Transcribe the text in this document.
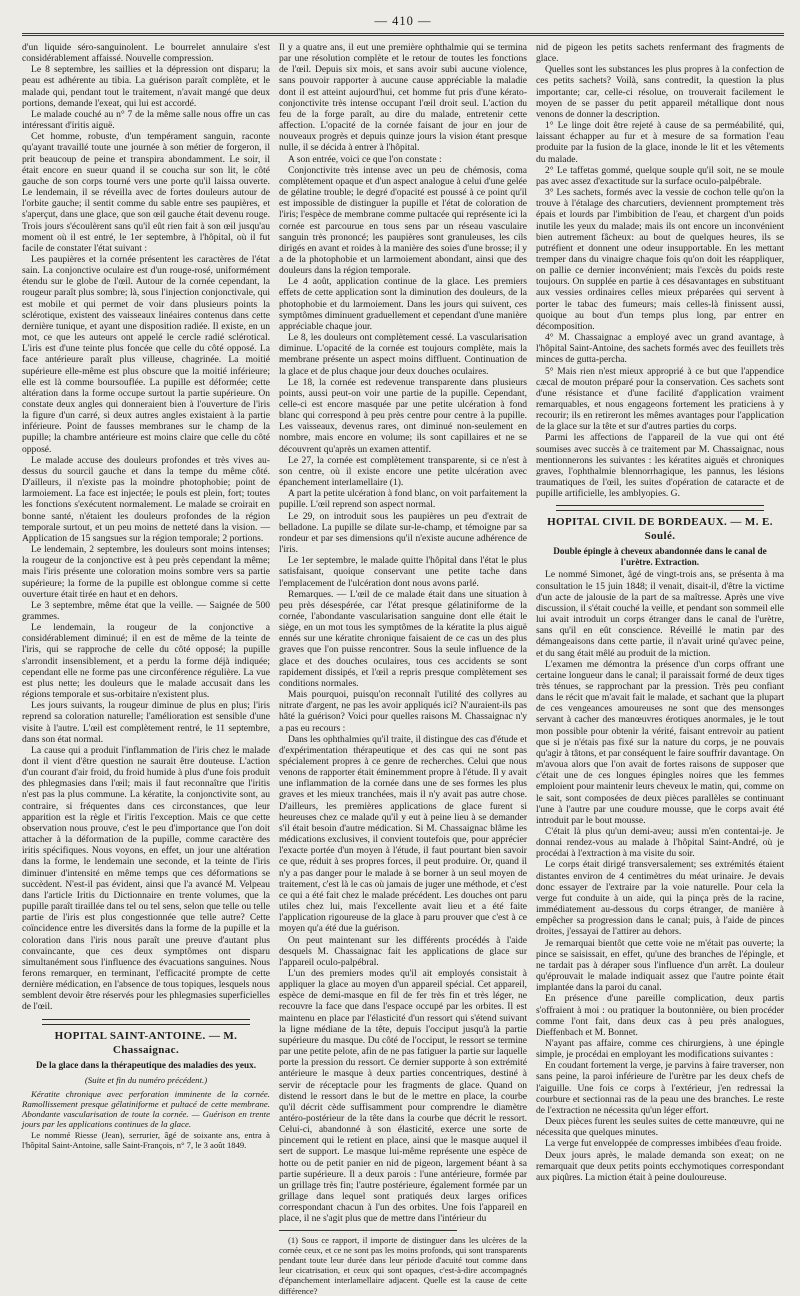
— 410 —

d'un liquide séro-sanguinolent. Le bourrelet annulaire s'est considérablement affaissé. Nouvelle compression.

Le 8 septembre, les saillies et la dépression ont disparu; la peau est adhérente au tibia. La guérison paraît complète, et le malade qui, pendant tout le traitement, n'avait mangé que deux portions, demande l'exeat, qui lui est accordé.

Le malade couché au n° 7 de la même salle nous offre un cas intéressant d'iritis aiguë.

Cet homme, robuste, d'un tempérament sanguin, raconte qu'ayant travaillé toute une journée à son métier de forgeron, il prit beaucoup de peine et transpira abondamment. Le soir, il était encore en sueur quand il se coucha sur son lit, le côté gauche de son corps tourné vers une porte qu'il laissa ouverte. Le lendemain, il se réveilla avec de fortes douleurs autour de l'orbite gauche; il sentit comme du sable entre ses paupières, et s'aperçut, dans une glace, que son œil gauche était devenu rouge. Trois jours s'écoulèrent sans qu'il eût rien fait à son œil jusqu'au moment où il est entré, le 1er septembre, à l'hôpital, où il fut facile de constater l'état suivant :

Les paupières et la cornée présentent les caractères de l'état sain. La conjonctive oculaire est d'un rouge-rosé, uniformément étendu sur le globe de l'œil. Autour de la cornée cependant, la rougeur paraît plus sombre; là, sous l'injection conjonctivale, qui est mobile et qui permet de voir dans plusieurs points la sclérotique, existent des vaisseaux linéaires contenus dans cette dernière tunique, et ayant une disposition radiée. Il existe, en un mot, ce que les auteurs ont appelé le cercle radié sclérotical. L'iris est d'une teinte plus foncée que celle du côté opposé. La face antérieure paraît plus villeuse, chagrinée. La moitié supérieure elle-même est plus obscure que la moitié inférieure; elle est là comme boursouflée. La pupille est déformée; cette altération dans la forme occupe surtout la partie supérieure. On constate deux angles qui donneraient bien à l'ouverture de l'iris la figure d'un carré, si deux autres angles existaient à la partie inférieure. Point de fausses membranes sur le champ de la pupille; la chambre antérieure est moins claire que celle du côté opposé.

Le malade accuse des douleurs profondes et très vives au-dessus du sourcil gauche et dans la tempe du même côté. D'ailleurs, il n'existe pas la moindre photophobie; point de larmoiement. La face est injectée; le pouls est plein, fort; toutes les fonctions s'exécutent normalement. Le malade se croirait en bonne santé, n'étaient les douleurs profondes de la région temporale surtout, et un peu moins de netteté dans la vision. — Application de 15 sangsues sur la région temporale; 2 portions.

Le lendemain, 2 septembre, les douleurs sont moins intenses; la rougeur de la conjonctive est à peu près cependant la même; mais l'iris présente une coloration moins sombre vers sa partie supérieure; la forme de la pupille est oblongue comme si cette ouverture était tirée en haut et en dehors.

Le 3 septembre, même état que la veille. — Saignée de 500 grammes.

Le lendemain, la rougeur de la conjonctive a considérablement diminué; il en est de même de la teinte de l'iris, qui se rapproche de celle du côté opposé; la pupille s'arrondit insensiblement, et a perdu la forme déjà indiquée; cependant elle ne forme pas une circonférence régulière. La vue est plus nette; les douleurs que le malade accusait dans les régions temporale et sus-orbitaire n'existent plus.

Les jours suivants, la rougeur diminue de plus en plus; l'iris reprend sa coloration naturelle; l'amélioration est sensible d'une visite à l'autre. L'œil est complètement rentré, le 11 septembre, dans son état normal.

La cause qui a produit l'inflammation de l'iris chez le malade dont il vient d'être question ne saurait être douteuse. L'action d'un courant d'air froid, du froid humide à plus d'une fois produit des phlegmasies dans l'œil; mais il faut reconnaître que l'iritis n'est pas la plus commune. La kératite, la conjonctivite sont, au contraire, si fréquentes dans ces circonstances, que leur apparition est la règle et l'iritis l'exception. Mais ce que cette observation nous prouve, c'est le peu d'importance que l'on doit attacher à la déformation de la pupille, comme caractère des iritis spécifiques. Nous voyons, en effet, un jour une altération dans la forme, le lendemain une seconde, et la teinte de l'iris diminuer d'intensité en même temps que ces déformations se succèdent. N'est-il pas évident, ainsi que l'a avancé M. Velpeau dans l'article Iritis du Dictionnaire en trente volumes, que la pupille paraît tiraillée dans tel ou tel sens, selon que telle ou telle partie de l'iris est plus congestionnée que telle autre? Cette coïncidence entre les diversités dans la forme de la pupille et la coloration dans l'iris nous paraît une preuve d'autant plus convaincante, que ces deux symptômes ont disparu simultanément sous l'influence des évacuations sanguines. Nous ferons remarquer, en terminant, l'efficacité prompte de cette dernière médication, en l'absence de tous topiques, lesquels nous semblent devoir être réservés pour les phlegmasies superficielles de l'œil.

HOPITAL SAINT-ANTOINE. — M. Chassaignac.
De la glace dans la thérapeutique des maladies des yeux.
(Suite et fin du numéro précédent.)

Kératite chronique avec perforation imminente de la cornée. Ramollissement presque gélatiniforme et pultacé de cette membrane. Abondante vascularisation de toute la cornée. — Guérison en trente jours par les applications continues de la glace.

Le nommé Riesse (Jean), serrurier, âgé de soixante ans, entra à l'hôpital Saint-Antoine, salle Saint-François, n° 7, le 3 août 1849.

Il y a quatre ans, il eut une première ophthalmie qui se termina par une résolution complète et le retour de toutes les fonctions de l'œil. Depuis six mois, et sans avoir subi aucune violence, sans pouvoir rapporter à aucune cause appréciable la maladie dont il est atteint aujourd'hui, cet homme fut pris d'une kérato-conjonctivite très intense occupant l'œil droit seul. L'action du feu de la forge paraît, au dire du malade, entretenir cette affection. L'opacité de la cornée faisant de jour en jour de nouveaux progrès et depuis quinze jours la vision étant presque nulle, il se décida à entrer à l'hôpital.

A son entrée, voici ce que l'on constate :

Conjonctivite très intense avec un peu de chémosis, coma complètement opaque et d'un aspect analogue à celui d'une gelée de gélatine trouble; le degré d'opacité est poussé à ce point qu'il est impossible de distinguer la pupille et l'état de coloration de l'iris; l'espèce de membrane comme pultacée qui représente ici la cornée est parcourue en tous sens par un réseau vasculaire sanguin très prononcé; les paupières sont granuleuses, les cils dirigés en avant et roides à la manière des soies d'une brosse; il y a de la photophobie et un larmoiement abondant, ainsi que des douleurs dans la région temporale.

Le 4 août, application continue de la glace. Les premiers effets de cette application sont la diminution des douleurs, de la photophobie et du larmoiement. Dans les jours qui suivent, ces symptômes diminuent graduellement et cependant d'une manière appréciable chaque jour.

Le 8, les douleurs ont complètement cessé. La vascularisation diminue. L'opacité de la cornée est toujours complète, mais la membrane présente un aspect moins diffluent. Continuation de la glace et de plus chaque jour deux douches oculaires.

Le 18, la cornée est redevenue transparente dans plusieurs points, aussi peut-on voir une partie de la pupille. Cependant, celle-ci est encore masquée par une petite ulcération à fond blanc qui correspond à peu près centre pour centre à la pupille. Les vaisseaux, devenus rares, ont diminué non-seulement en nombre, mais encore en volume; ils sont capillaires et ne se découvrent qu'après un examen attentif.

Le 27, la cornée est complètement transparente, si ce n'est à son centre, où il existe encore une petite ulcération avec épanchement interlamellaire (1).

A part la petite ulcération à fond blanc, on voit parfaitement la pupille. L'œil reprend son aspect normal.

Le 29, on introduit sous les paupières un peu d'extrait de belladone. La pupille se dilate sur-le-champ, et témoigne par sa rondeur et par ses dimensions qu'il n'existe aucune adhérence de l'iris.

Le 1er septembre, le malade quitte l'hôpital dans l'état le plus satisfaisant, quoique conservant une petite tache dans l'emplacement de l'ulcération dont nous avons parlé.

Remarques. — L'œil de ce malade était dans une situation à peu près désespérée, car l'état presque gélatiniforme de la cornée, l'abondante vascularisation sanguine dont elle était le siège, en un mot tous les symptômes de la kératite la plus aiguë ennés sur une kératite chronique faisaient de ce cas un des plus graves que l'on puisse rencontrer. Sous la seule influence de la glace et des douches oculaires, tous ces accidents se sont rapidement dissipés, et l'œil a repris presque complètement ses conditions normales.

Mais pourquoi, puisqu'on reconnaît l'utilité des collyres au nitrate d'argent, ne pas les avoir appliqués ici? N'auraient-ils pas hâté la guérison? Voici pour quelles raisons M. Chassaignac n'y a pas eu recours :

Dans les ophthalmies qu'il traite, il distingue des cas d'étude et d'expérimentation thérapeutique et des cas qui ne sont pas spécialement propres à ce genre de recherches. Celui que nous venons de rapporter était éminemment propre à l'étude. Il y avait une inflammation de la cornée dans une de ses formes les plus graves et les mieux tranchées, mais il n'y avait pas autre chose. D'ailleurs, les premières applications de glace furent si heureuses chez ce malade qu'il y eut à peine lieu à se demander s'il était besoin d'autre médication. Si M. Chassaignac blâme les médications exclusives, il convient toutefois que, pour apprécier l'exacte portée d'un moyen à l'étude, il faut pourtant bien savoir ce que, réduit à ses propres forces, il peut produire. Or, quand il n'y a pas danger pour le malade à se borner à un seul moyen de traitement, c'est là le cas où jamais de juger une méthode, et c'est ce qui a été fait chez le malade précédent. Les douches ont paru utiles chez lui, mais l'excellente avait lieu et a été faite l'application rigoureuse de la glace à paru prouver que c'est à ce moyen qu'a été due la guérison.

On peut maintenant sur les différents procédés à l'aide desquels M. Chassaignac fait les applications de glace sur l'appareil oculo-palpébral.

L'un des premiers modes qu'il ait employés consistait à appliquer la glace au moyen d'un appareil spécial. Cet appareil, espèce de demi-masque en fil de fer très fin et très léger, ne recouvre la face que dans l'espace occupé par les orbites. Il est maintenu en place par l'élasticité d'un ressort qui s'étend suivant la ligne médiane de la tête, depuis l'occiput jusqu'à la partie supérieure du masque. Du côté de l'occiput, le ressort se termine par une petite pelote, afin de ne pas fatiguer la partie sur laquelle porte la pression du ressort. Ce dernier supporte à son extrémité antérieure le masque à deux parties concentriques, destiné à servir de réceptacle pour les fragments de glace. Quand on distend le ressort dans le but de le mettre en place, la courbe qu'il décrit cède suffisamment pour comprendre le diamètre antéro-postérieur de la tête dans la courbe que décrit le ressort. Celui-ci, abandonné à son élasticité, exerce une sorte de pincement qui le retient en place, ainsi que le masque auquel il sert de support. Le masque lui-même représente une espèce de hotte ou de petit panier en nid de pigeon, largement béant à sa partie supérieure. Il a deux parois : l'une antérieure, formée par un grillage très fin; l'autre postérieure, également formée par un grillage dans lequel sont pratiqués deux larges orifices correspondant chacun à l'un des orbites. Une fois l'appareil en place, il ne s'agit plus que de mettre dans l'intérieur du

(1) Sous ce rapport, il importe de distinguer dans les ulcères de la cornée ceux, et ce ne sont pas les moins profonds, qui sont transparents pendant toute leur durée dans leur période d'acuité tout comme dans leur cicatrisation, et ceux qui sont opaques, c'est-à-dire accompagnés d'épanchement interlamellaire adjacent. Quelle est la cause de cette différence?

nid de pigeon les petits sachets renfermant des fragments de glace.

Quelles sont les substances les plus propres à la confection de ces petits sachets? Voilà, sans contredit, la question la plus importante; car, celle-ci résolue, on trouverait facilement le moyen de se passer du petit appareil métallique dont nous venons de donner la description.

1° Le linge doit être rejeté à cause de sa perméabilité, qui, laissant échapper au fur et à mesure de sa formation l'eau produite par la fusion de la glace, inonde le lit et les vêtements du malade.

2° Le taffetas gommé, quelque souple qu'il soit, ne se moule pas avec assez d'exactitude sur la surface oculo-palpébrale.

3° Les sachets, formés avec la vessie de cochon telle qu'on la trouve à l'étalage des charcutiers, deviennent promptement très épais et lourds par l'imbibition de l'eau, et chargent d'un poids inutile les yeux du malade; mais ils ont encore un inconvénient bien autrement fâcheux: au bout de quelques heures, ils se putréfient et donnent une odeur insupportable. En les mettant tremper dans du vinaigre chaque fois qu'on doit les réappliquer, on pallie ce dernier inconvénient; mais l'excès du poids reste toujours. On supplée en partie à ces désavantages en substituant aux vessies ordinaires celles mieux préparées qui servent à porter le tabac des fumeurs; mais celles-là finissent aussi, quoique au bout d'un temps plus long, par entrer en décomposition.

4° M. Chassaignac a employé avec un grand avantage, à l'hôpital Saint-Antoine, des sachets formés avec des feuillets très minces de gutta-percha.

5° Mais rien n'est mieux approprié à ce but que l'appendice cæcal de mouton préparé pour la conservation. Ces sachets sont d'une résistance et d'une facilité d'application vraiment remarquables, et nous engageons fortement les praticiens à y recourir; ils en retireront les mêmes avantages pour l'application de la glace sur la tête et sur d'autres parties du corps.

Parmi les affections de l'appareil de la vue qui ont été soumises avec succès à ce traitement par M. Chassaignac, nous mentionnerons les suivantes : les kératites aiguës et chroniques graves, l'ophthalmie blennorrhagique, les pannus, les lésions traumatiques de l'œil, les suites d'opération de cataracte et de pupille artificielle, les amblyopies. G.

HOPITAL CIVIL DE BORDEAUX. — M. E. Soulé.
Double épingle à cheveux abandonnée dans le canal de l'urètre. Extraction.

Le nommé Simonet, âgé de vingt-trois ans, se présenta à ma consultation le 15 juin 1848; il venait, disait-il, d'être la victime d'un acte de jalousie de la part de sa maîtresse. Après une vive discussion, il s'était couché la veille, et pendant son sommeil elle lui avait introduit un corps étranger dans le canal de l'urètre, sans qu'il en eût conscience. Réveillé le matin par des démangeaisons dans cette partie, il n'avait uriné qu'avec peine, et du sang était mêlé au produit de la miction.

L'examen me démontra la présence d'un corps offrant une certaine longueur dans le canal; il paraissait formé de deux tiges très ténues, se rapprochant par la pression. Très peu confiant dans le récit que m'avait fait le malade, et sachant que la plupart de ces vengeances amoureuses ne sont que des mensonges servant à cacher des manœuvres érotiques anormales, je le tout mon possible pour obtenir la vérité, faisant entrevoir au patient que si je n'étais pas fixé sur la nature du corps, je ne pouvais qu'agir à tâtons, et par conséquent le faire souffrir davantage. On m'avoua alors que l'on avait de fortes raisons de supposer que c'était une de ces longues épingles noires que les femmes emploient pour maintenir leurs cheveux le matin, qui, comme on le sait, sont composées de deux pièces parallèles se continuant l'une à l'autre par une coudure mousse, que le corps avait été introduit par le bout mousse.

C'était là plus qu'un demi-aveu; aussi m'en contentai-je. Je donnai rendez-vous au malade à l'hôpital Saint-André, où je procédai à l'extraction à ma visite du soir.

Le corps était dirigé transversalement; ses extrémités étaient distantes environ de 4 centimètres du méat urinaire. Je devais donc essayer de l'extraire par la voie naturelle. Pour cela la verge fut conduite à un aide, qui la pinça près de la racine, immédiatement au-dessous du corps étranger, de manière à empêcher sa progression dans le canal; puis, à l'aide de pinces droites, j'essayai de l'attirer au dehors.

Je remarquai bientôt que cette voie ne m'était pas ouverte; la pince se saisissait, en effet, qu'une des branches de l'épingle, et ne tardait pas à déraper sous l'influence d'un arrêt. La douleur qu'éprouvait le malade indiquait assez que l'autre pointe était implantée dans la paroi du canal.

En présence d'une pareille complication, deux partis s'offraient à moi : ou pratiquer la boutonnière, ou bien procéder comme l'ont fait, dans deux cas à peu près analogues, Dieffenbach et M. Bonnet.

N'ayant pas affaire, comme ces chirurgiens, à une épingle simple, je procédai en employant les modifications suivantes :

En coudant fortement la verge, je parvins à faire traverser, non sans peine, la paroi inférieure de l'urètre par les deux chefs de l'aiguille. Une fois ce corps à l'extérieur, j'en redressai la courbure et sectionnai ras de la peau une des branches. Le reste de l'extraction ne nécessita qu'un léger effort.

Deux pièces furent les seules suites de cette manœuvre, qui ne nécessita que quelques minutes.

La verge fut enveloppée de compresses imbibées d'eau froide.

Deux jours après, le malade demanda son exeat; on ne remarquait que deux petits points ecchymotiques correspondant aux piqûres. La miction était à peine douloureuse.
